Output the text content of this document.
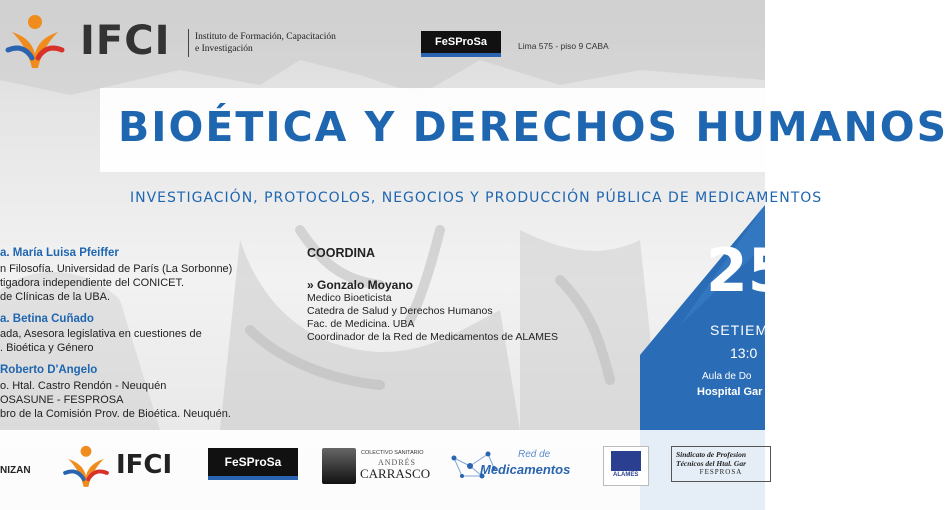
IFCI	Instituto de Formación, Capacitación
e Investigación
FeSProSa	Lima 575 - piso 9 CABA
BIOÉTICA Y DERECHOS HUMANOS
INVESTIGACIÓN, PROTOCOLOS, NEGOCIOS Y PRODUCCIÓN PÚBLICA DE MEDICAMENTOS
a. María Luisa Pfeiffer
n Filosofía. Universidad de París (La Sorbonne)
tigadora independiente del CONICET.
de Clínicas de la UBA.
a. Betina Cuñado
ada, Asesora legislativa en cuestiones de
. Bioética y Género
Roberto D'Angelo
o. Htal. Castro Rendón - Neuquén
OSASUNE - FESPROSA
bro de la Comisión Prov. de Bioética. Neuquén.
COORDINA
» Gonzalo Moyano
Medico Bioeticista
Catedra de Salud y Derechos Humanos
Fac. de Medicina. UBA
Coordinador de la Red de Medicamentos de ALAMES
25
SETIEM
13:0
Aula de Do
Hospital Gar
NIZAN	IFCI	FeSProSa
COLECTIVO SANITARIO
ANDRÉS
CARRASCO
Red de
Medicamentos	ALAMES
Sindicato de Profesion
Técnicos del Htal. Gar
FESPROSA
